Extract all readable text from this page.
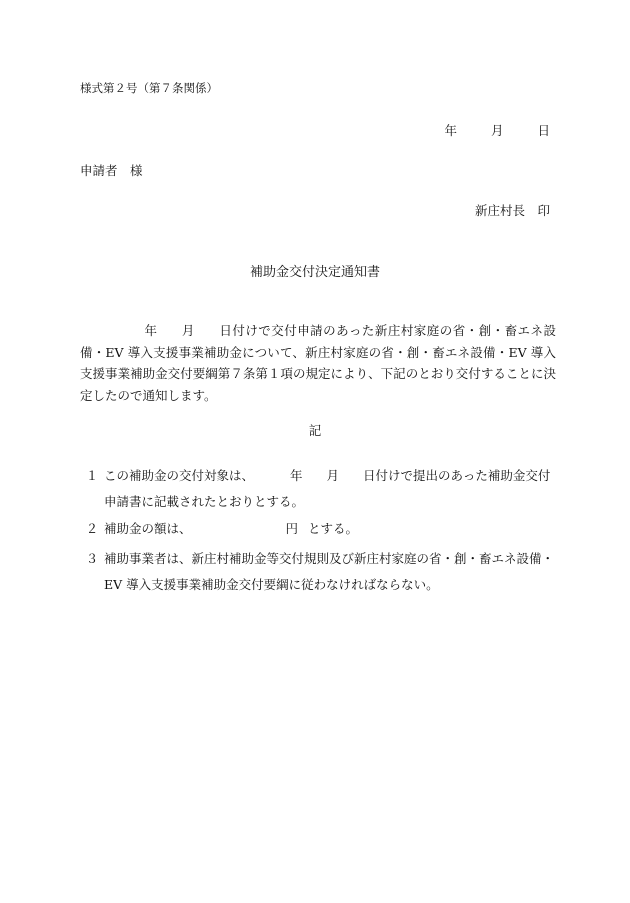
様式第２号（第７条関係）
年	月	日
申請者　様
新庄村長　印
補助金交付決定通知書
年 月 日付けで交付申請のあった新庄村家庭の省・創・畜エネ設備・EV 導入支援事業補助金について、新庄村家庭の省・創・畜エネ設備・EV 導入支援事業補助金交付要綱第７条第１項の規定により、下記のとおり交付することに決定したので通知します。
記
１ この補助金の交付対象は、	年 月 日付けで提出のあった補助金交付申請書に記載されたとおりとする。
２ 補助金の額は、	円 とする。
３ 補助事業者は、新庄村補助金等交付規則及び新庄村家庭の省・創・畜エネ設備・EV 導入支援事業補助金交付要綱に従わなければならない。
